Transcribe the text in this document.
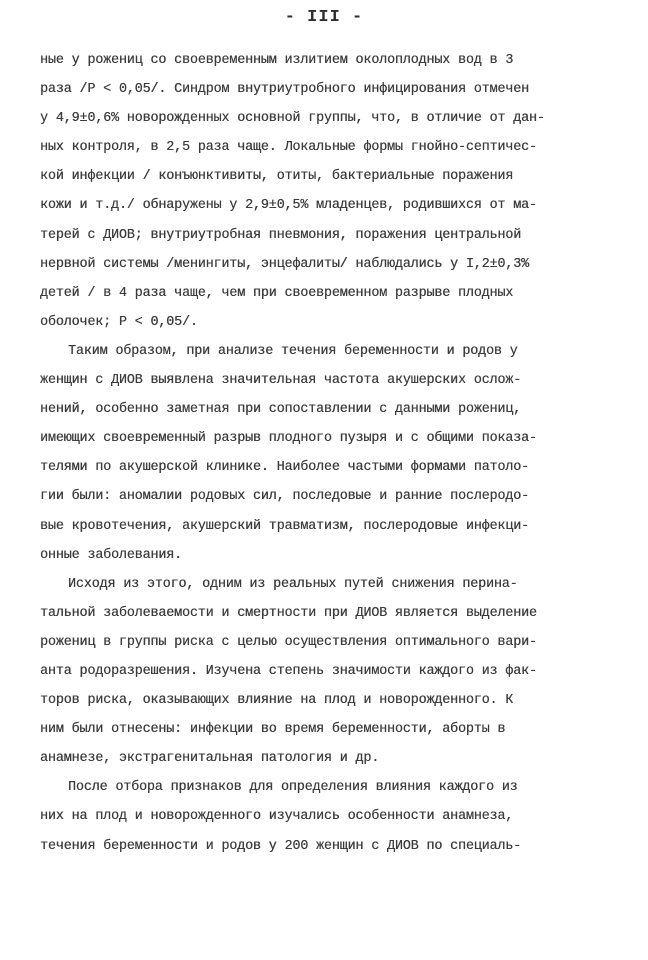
- III -
ные у рожениц со своевременным излитием околоплодных вод в 3
раза /Р < 0,05/. Синдром внутриутробного инфицирования отмечен
у 4,9±0,6% новорожденных основной группы, что, в отличие от дан-
ных контроля, в 2,5 раза чаще. Локальные формы гнойно-септичес-
кой инфекции / конъюнктивиты, отиты, бактериальные поражения
кожи и т.д./ обнаружены у 2,9±0,5% младенцев, родившихся от ма-
терей с ДИОВ; внутриутробная пневмония, поражения центральной
нервной системы /менингиты, энцефалиты/ наблюдались у I,2±0,3%
детей / в 4 раза чаще, чем при своевременном разрыве плодных
оболочек; Р < 0,05/.
Таким образом, при анализе течения беременности и родов у
женщин с ДИОВ выявлена значительная частота акушерских ослож-
нений, особенно заметная при сопоставлении с данными рожениц,
имеющих своевременный разрыв плодного пузыря и с общими показа-
телями по акушерской клинике. Наиболее частыми формами патоло-
гии были: аномалии родовых сил, последовые и ранние послеродо-
вые кровотечения, акушерский травматизм, послеродовые инфекци-
онные заболевания.
Исходя из этого, одним из реальных путей снижения перина-
тальной заболеваемости и смертности при ДИОВ является выделение
рожениц в группы риска с целью осуществления оптимального вари-
анта родоразрешения. Изучена степень значимости каждого из фак-
торов риска, оказывающих влияние на плод и новорожденного. К
ним были отнесены: инфекции во время беременности, аборты в
анамнезе, экстрагенитальная патология и др.
После отбора признаков для определения влияния каждого из
них на плод и новорожденного изучались особенности анамнеза,
течения беременности и родов у 200 женщин с ДИОВ по специаль-
